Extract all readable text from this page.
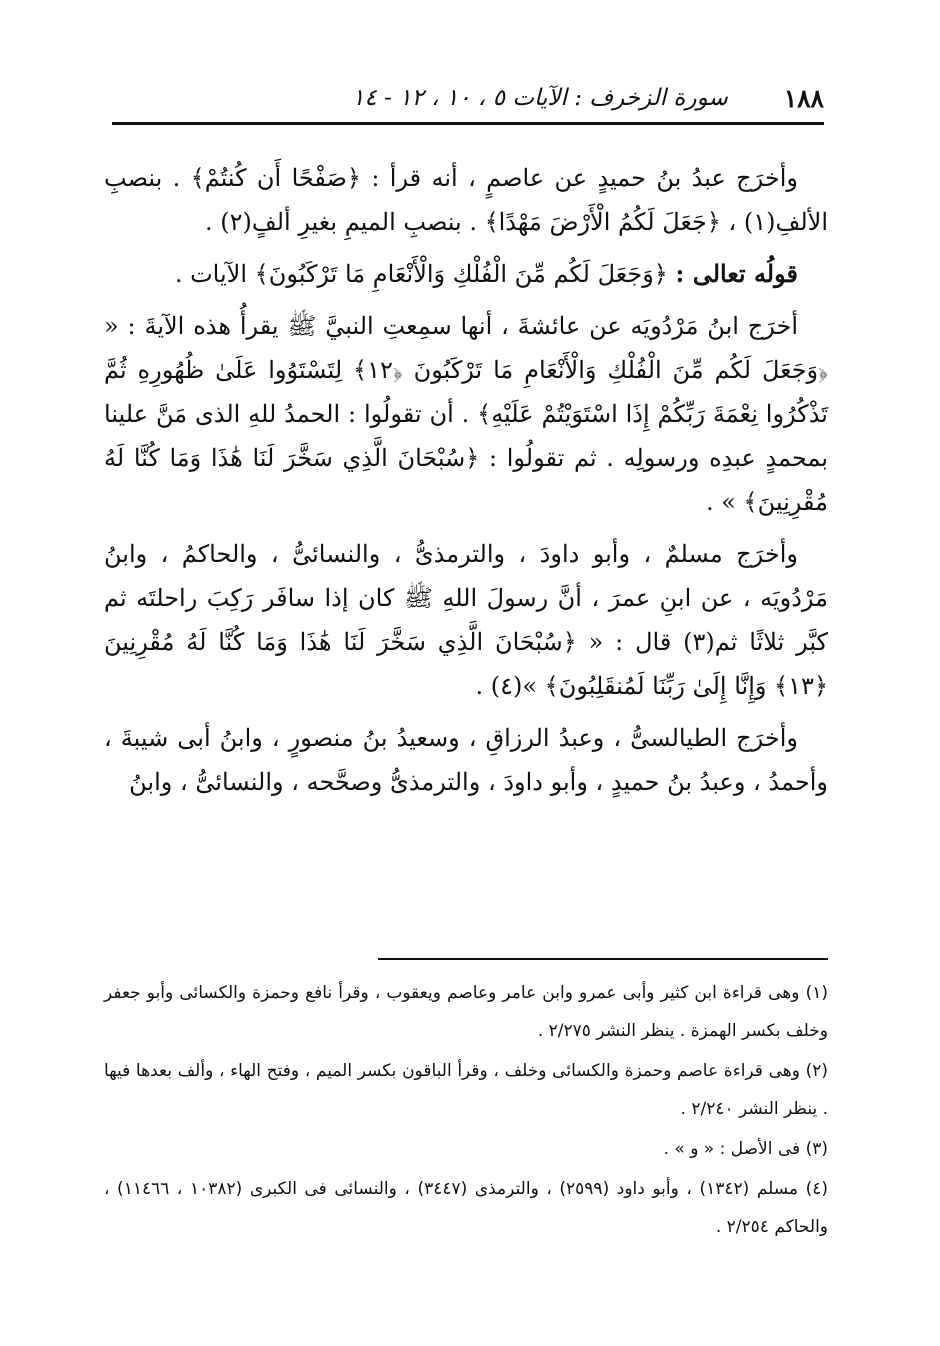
١٨٨
سورة الزخرف : الآيات ٥ ، ١٠ ، ١٢ - ١٤

وأخرَج عبدُ بنُ حميدٍ عن عاصمٍ ، أنه قرأ : ﴿صَفْحًا أَن كُنتُمْ﴾ . بنصبِ الألفِ(١) ، ﴿جَعَلَ لَكُمُ الْأَرْضَ مَهْدًا﴾ . بنصبِ الميمِ بغيرِ ألفٍ(٢) .

قولُه تعالى : ﴿وَجَعَلَ لَكُم مِّنَ الْفُلْكِ وَالْأَنْعَامِ مَا تَرْكَبُونَ﴾ الآيات .

أخرَج ابنُ مَرْدُويَه عن عائشةَ ، أنها سمِعتِ النبيَّ ﷺ يقرأُ هذه الآيةَ : « ﴿وَجَعَلَ لَكُم مِّنَ الْفُلْكِ وَالْأَنْعَامِ مَا تَرْكَبُونَ ﴿١٢﴾ لِتَسْتَوُوا عَلَىٰ ظُهُورِهِ ثُمَّ تَذْكُرُوا نِعْمَةَ رَبِّكُمْ إِذَا اسْتَوَيْتُمْ عَلَيْهِ﴾ . أن تقولُوا : الحمدُ للهِ الذى مَنَّ علينا بمحمدٍ عبدِه ورسولِه . ثم تقولُوا : ﴿سُبْحَانَ الَّذِي سَخَّرَ لَنَا هَٰذَا وَمَا كُنَّا لَهُ مُقْرِنِينَ﴾ » .

وأخرَج مسلمٌ ، وأبو داودَ ، والترمذىُّ ، والنسائىُّ ، والحاكمُ ، وابنُ مَرْدُويَه ، عن ابنِ عمرَ ، أنَّ رسولَ اللهِ ﷺ كان إذا سافَر رَكِبَ راحلتَه ثم كبَّر ثلاثًا ثم(٣) قال : « ﴿سُبْحَانَ الَّذِي سَخَّرَ لَنَا هَٰذَا وَمَا كُنَّا لَهُ مُقْرِنِينَ ﴿١٣﴾ وَإِنَّا إِلَىٰ رَبِّنَا لَمُنقَلِبُونَ﴾ »(٤) .

وأخرَج الطيالسىُّ ، وعبدُ الرزاقِ ، وسعيدُ بنُ منصورٍ ، وابنُ أبى شيبةَ ، وأحمدُ ، وعبدُ بنُ حميدٍ ، وأبو داودَ ، والترمذىُّ وصحَّحه ، والنسائىُّ ، وابنُ

(١) وهى قراءة ابن كثير وأبى عمرو وابن عامر وعاصم ويعقوب ، وقرأ نافع وحمزة والكسائى وأبو جعفر وخلف بكسر الهمزة . ينظر النشر ٢/٢٧٥ .

(٢) وهى قراءة عاصم وحمزة والكسائى وخلف ، وقرأ الباقون بكسر الميم ، وفتح الهاء ، وألف بعدها فيها . ينظر النشر ٢/٢٤٠ .

(٣) فى الأصل : « و » .

(٤) مسلم (١٣٤٢) ، وأبو داود (٢٥٩٩) ، والترمذى (٣٤٤٧) ، والنسائى فى الكبرى (١٠٣٨٢ ، ١١٤٦٦) ، والحاكم ٢/٢٥٤ .
